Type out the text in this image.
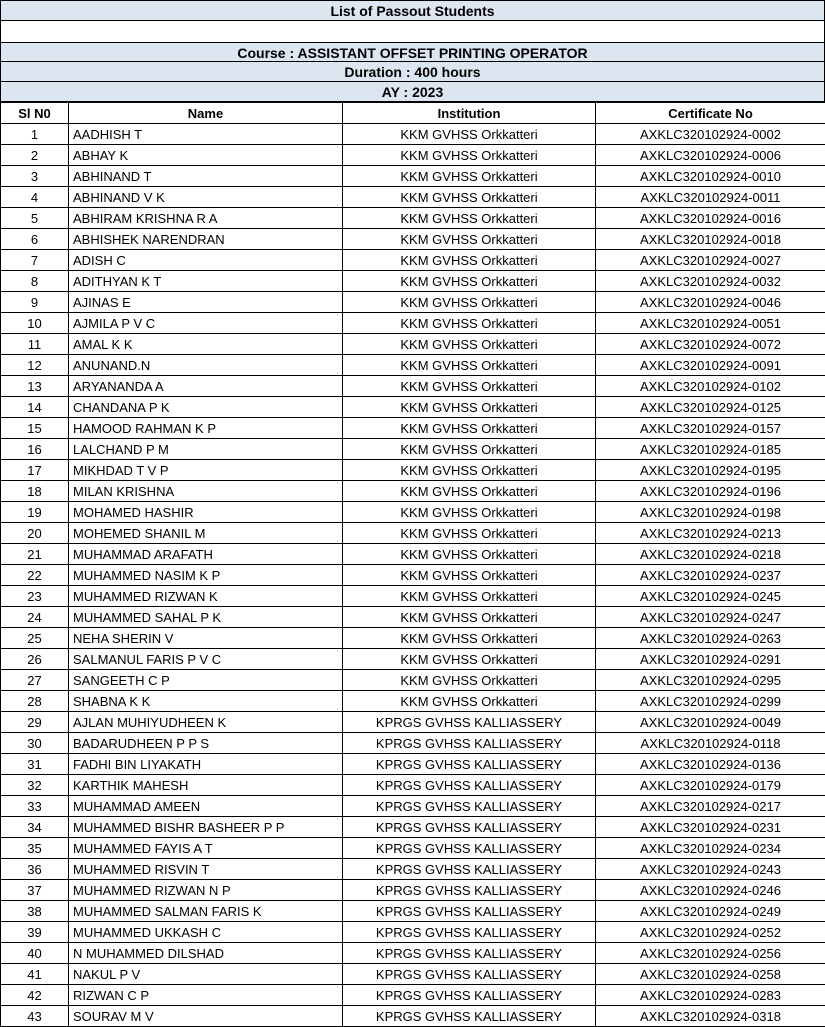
List of Passout Students
Course : ASSISTANT OFFSET PRINTING OPERATOR
Duration : 400 hours
AY : 2023
Sl N0	Name	Institution	Certificate No
1	AADHISH T	KKM GVHSS Orkkatteri	AXKLC320102924-0002
2	ABHAY K	KKM GVHSS Orkkatteri	AXKLC320102924-0006
3	ABHINAND T	KKM GVHSS Orkkatteri	AXKLC320102924-0010
4	ABHINAND V K	KKM GVHSS Orkkatteri	AXKLC320102924-0011
5	ABHIRAM KRISHNA R A	KKM GVHSS Orkkatteri	AXKLC320102924-0016
6	ABHISHEK NARENDRAN	KKM GVHSS Orkkatteri	AXKLC320102924-0018
7	ADISH C	KKM GVHSS Orkkatteri	AXKLC320102924-0027
8	ADITHYAN K T	KKM GVHSS Orkkatteri	AXKLC320102924-0032
9	AJINAS E	KKM GVHSS Orkkatteri	AXKLC320102924-0046
10	AJMILA P V C	KKM GVHSS Orkkatteri	AXKLC320102924-0051
11	AMAL K K	KKM GVHSS Orkkatteri	AXKLC320102924-0072
12	ANUNAND.N	KKM GVHSS Orkkatteri	AXKLC320102924-0091
13	ARYANANDA A	KKM GVHSS Orkkatteri	AXKLC320102924-0102
14	CHANDANA P K	KKM GVHSS Orkkatteri	AXKLC320102924-0125
15	HAMOOD RAHMAN K P	KKM GVHSS Orkkatteri	AXKLC320102924-0157
16	LALCHAND P M	KKM GVHSS Orkkatteri	AXKLC320102924-0185
17	MIKHDAD T V P	KKM GVHSS Orkkatteri	AXKLC320102924-0195
18	MILAN KRISHNA	KKM GVHSS Orkkatteri	AXKLC320102924-0196
19	MOHAMED HASHIR	KKM GVHSS Orkkatteri	AXKLC320102924-0198
20	MOHEMED SHANIL M	KKM GVHSS Orkkatteri	AXKLC320102924-0213
21	MUHAMMAD ARAFATH	KKM GVHSS Orkkatteri	AXKLC320102924-0218
22	MUHAMMED NASIM K P	KKM GVHSS Orkkatteri	AXKLC320102924-0237
23	MUHAMMED RIZWAN K	KKM GVHSS Orkkatteri	AXKLC320102924-0245
24	MUHAMMED SAHAL P K	KKM GVHSS Orkkatteri	AXKLC320102924-0247
25	NEHA SHERIN V	KKM GVHSS Orkkatteri	AXKLC320102924-0263
26	SALMANUL FARIS P V C	KKM GVHSS Orkkatteri	AXKLC320102924-0291
27	SANGEETH C P	KKM GVHSS Orkkatteri	AXKLC320102924-0295
28	SHABNA K K	KKM GVHSS Orkkatteri	AXKLC320102924-0299
29	AJLAN MUHIYUDHEEN K	KPRGS GVHSS KALLIASSERY	AXKLC320102924-0049
30	BADARUDHEEN P P S	KPRGS GVHSS KALLIASSERY	AXKLC320102924-0118
31	FADHI BIN LIYAKATH	KPRGS GVHSS KALLIASSERY	AXKLC320102924-0136
32	KARTHIK MAHESH	KPRGS GVHSS KALLIASSERY	AXKLC320102924-0179
33	MUHAMMAD AMEEN	KPRGS GVHSS KALLIASSERY	AXKLC320102924-0217
34	MUHAMMED BISHR BASHEER P P	KPRGS GVHSS KALLIASSERY	AXKLC320102924-0231
35	MUHAMMED FAYIS A T	KPRGS GVHSS KALLIASSERY	AXKLC320102924-0234
36	MUHAMMED RISVIN T	KPRGS GVHSS KALLIASSERY	AXKLC320102924-0243
37	MUHAMMED RIZWAN N P	KPRGS GVHSS KALLIASSERY	AXKLC320102924-0246
38	MUHAMMED SALMAN FARIS K	KPRGS GVHSS KALLIASSERY	AXKLC320102924-0249
39	MUHAMMED UKKASH C	KPRGS GVHSS KALLIASSERY	AXKLC320102924-0252
40	N MUHAMMED DILSHAD	KPRGS GVHSS KALLIASSERY	AXKLC320102924-0256
41	NAKUL P V	KPRGS GVHSS KALLIASSERY	AXKLC320102924-0258
42	RIZWAN C P	KPRGS GVHSS KALLIASSERY	AXKLC320102924-0283
43	SOURAV M V	KPRGS GVHSS KALLIASSERY	AXKLC320102924-0318
